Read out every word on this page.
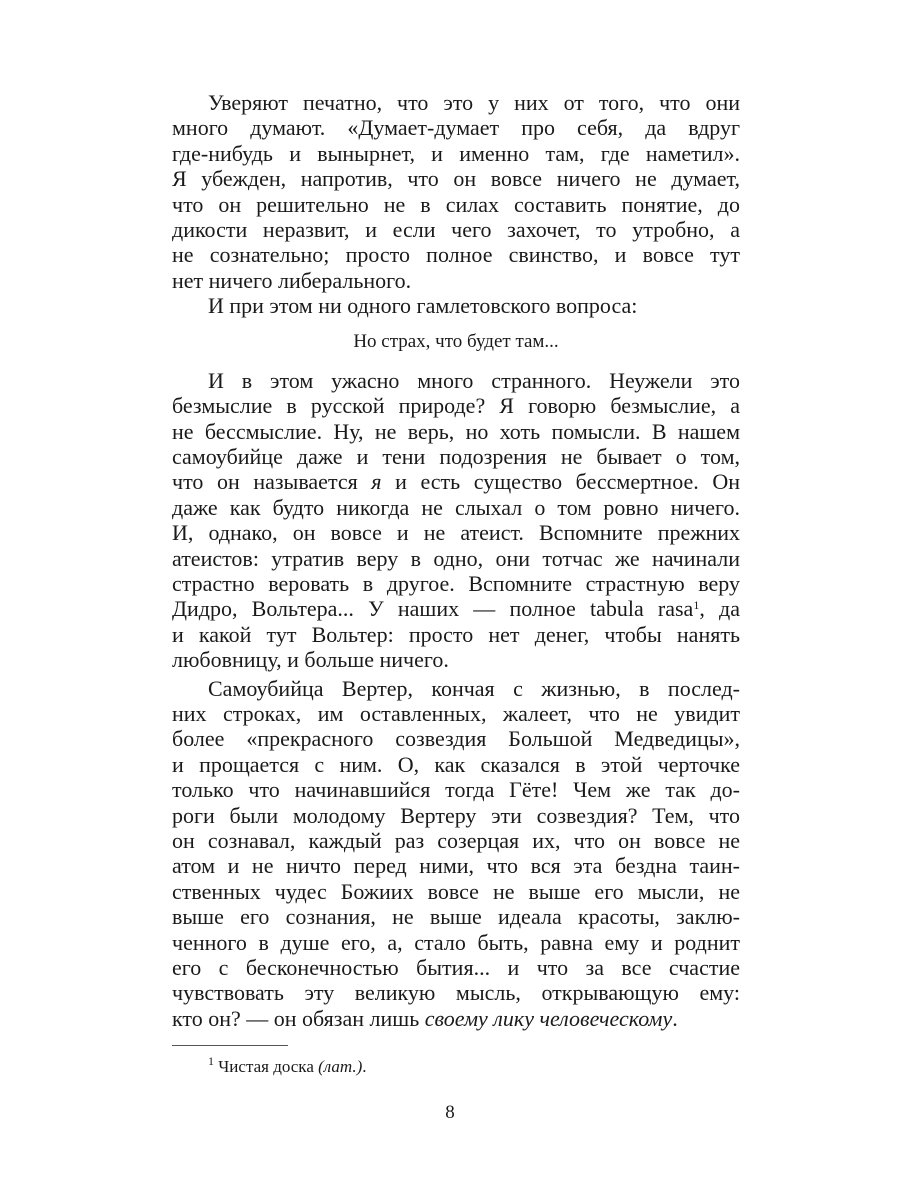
Уверяют печатно, что это у них от того, что они
много думают. «Думает-думает про себя, да вдруг
где-нибудь и вынырнет, и именно там, где наметил».
Я убежден, напротив, что он вовсе ничего не думает,
что он решительно не в силах составить понятие, до
дикости неразвит, и если чего захочет, то утробно, а
не сознательно; просто полное свинство, и вовсе тут
нет ничего либерального.
И при этом ни одного гамлетовского вопроса:
Но страх, что будет там...
И в этом ужасно много странного. Неужели это
безмыслие в русской природе? Я говорю безмыслие, а
не бессмыслие. Ну, не верь, но хоть помысли. В нашем
самоубийце даже и тени подозрения не бывает о том,
что он называется я и есть существо бессмертное. Он
даже как будто никогда не слыхал о том ровно ничего.
И, однако, он вовсе и не атеист. Вспомните прежних
атеистов: утратив веру в одно, они тотчас же начинали
страстно веровать в другое. Вспомните страстную веру
Дидро, Вольтера... У наших — полное tabula rasa$^1$, да
и какой тут Вольтер: просто нет денег, чтобы нанять
любовницу, и больше ничего.
Самоубийца Вертер, кончая с жизнью, в послед-
них строках, им оставленных, жалеет, что не увидит
более «прекрасного созвездия Большой Медведицы»,
и прощается с ним. О, как сказался в этой черточке
только что начинавшийся тогда Гёте! Чем же так до-
роги были молодому Вертеру эти созвездия? Тем, что
он сознавал, каждый раз созерцая их, что он вовсе не
атом и не ничто перед ними, что вся эта бездна таин-
ственных чудес Божиих вовсе не выше его мысли, не
выше его сознания, не выше идеала красоты, заклю-
ченного в душе его, а, стало быть, равна ему и роднит
его с бесконечностью бытия... и что за все счастие
чувствовать эту великую мысль, открывающую ему:
кто он? — он обязан лишь своему лику человеческому.
$^1$ Чистая доска (лат.).
8
